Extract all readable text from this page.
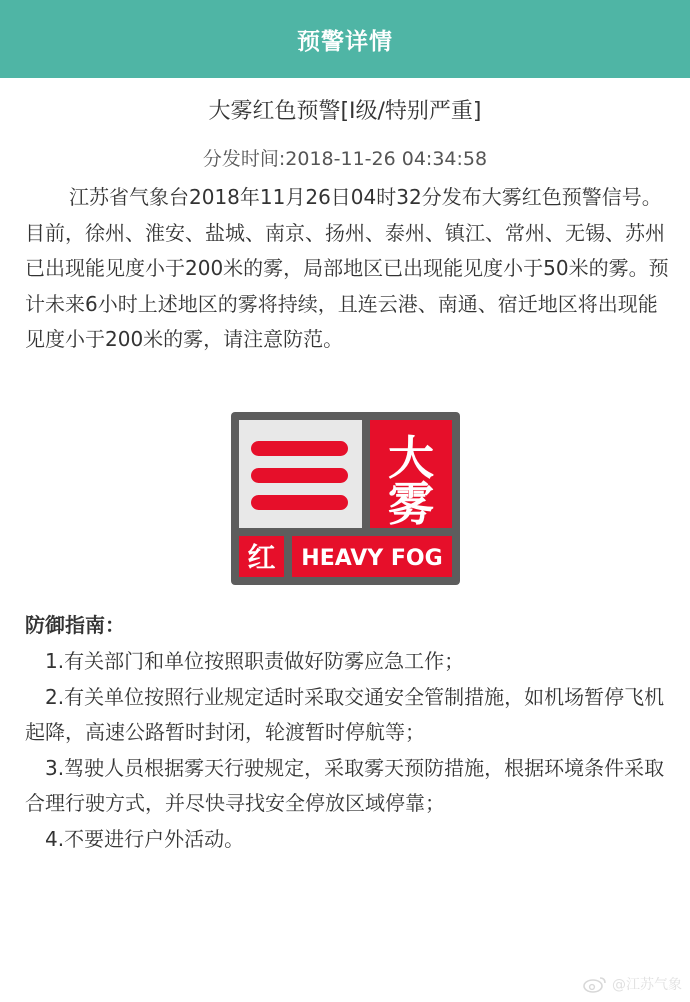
预警详情
大雾红色预警[Ⅰ级/特别严重]
分发时间:2018-11-26 04:34:58
江苏省气象台2018年11月26日04时32分发布大雾红色预警信号。目前，徐州、淮安、盐城、南京、扬州、泰州、镇江、常州、无锡、苏州已出现能见度小于200米的雾，局部地区已出现能见度小于50米的雾。预计未来6小时上述地区的雾将持续，且连云港、南通、宿迁地区将出现能见度小于200米的雾，请注意防范。
大
雾
红 HEAVY FOG
防御指南：

1.有关部门和单位按照职责做好防雾应急工作；

2.有关单位按照行业规定适时采取交通安全管制措施，如机场暂停飞机起降，高速公路暂时封闭，轮渡暂时停航等；

3.驾驶人员根据雾天行驶规定，采取雾天预防措施，根据环境条件采取合理行驶方式，并尽快寻找安全停放区域停靠；

4.不要进行户外活动。

@江苏气象
